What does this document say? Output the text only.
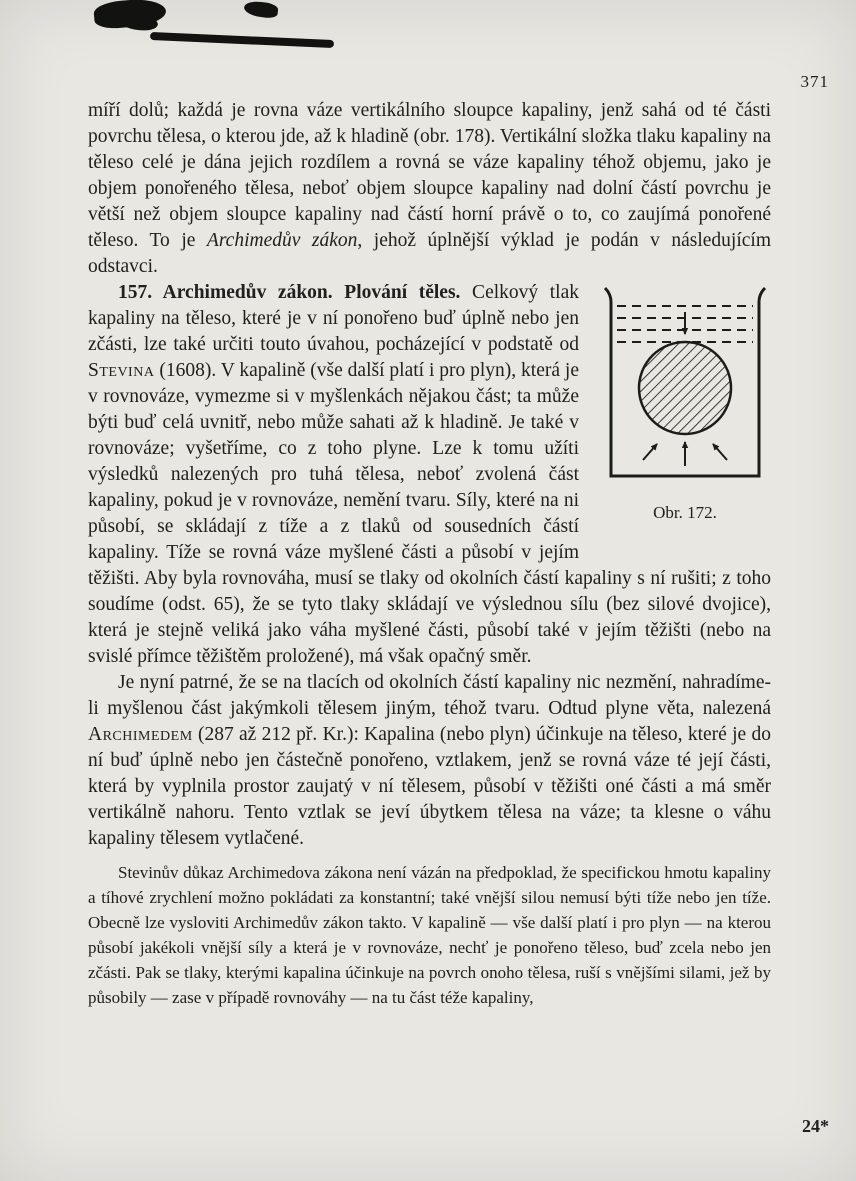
371

míří dolů; každá je rovna váze vertikálního sloupce kapaliny, jenž sahá od té části povrchu tělesa, o kterou jde, až k hladině (obr. 178). Vertikální složka tlaku kapaliny na těleso celé je dána jejich rozdílem a rovná se váze kapaliny téhož objemu, jako je objem ponořeného tělesa, neboť objem sloupce kapaliny nad dolní částí povrchu je větší než objem sloupce kapaliny nad částí horní právě o to, co zaujímá ponořené těleso. To je Archimedův zákon, jehož úplnější výklad je podán v následujícím odstavci.

Obr. 172.
157. Archimedův zákon. Plování těles. Celkový tlak kapaliny na těleso, které je v ní ponořeno buď úplně nebo jen zčásti, lze také určiti touto úvahou, pocházející v podstatě od Stevina (1608). V kapalině (vše další platí i pro plyn), která je v rovnováze, vymezme si v myšlenkách nějakou část; ta může býti buď celá uvnitř, nebo může sahati až k hladině. Je také v rovnováze; vyšetříme, co z toho plyne. Lze k tomu užíti výsledků nalezených pro tuhá tělesa, neboť zvolená část kapaliny, pokud je v rovnováze, nemění tvaru. Síly, které na ni působí, se skládají z tíže a z tlaků od sousedních částí kapaliny. Tíže se rovná váze myšlené části a působí v jejím těžišti. Aby byla rovnováha, musí se tlaky od okolních částí kapaliny s ní rušiti; z toho soudíme (odst. 65), že se tyto tlaky skládají ve výslednou sílu (bez silové dvojice), která je stejně veliká jako váha myšlené části, působí také v jejím těžišti (nebo na svislé přímce těžištěm proložené), má však opačný směr.

Je nyní patrné, že se na tlacích od okolních částí kapaliny nic nezmění, nahradíme-li myšlenou část jakýmkoli tělesem jiným, téhož tvaru. Odtud plyne věta, nalezená Archimedem (287 až 212 př. Kr.): Kapalina (nebo plyn) účinkuje na těleso, které je do ní buď úplně nebo jen částečně ponořeno, vztlakem, jenž se rovná váze té její části, která by vyplnila prostor zaujatý v ní tělesem, působí v těžišti oné části a má směr vertikálně nahoru. Tento vztlak se jeví úbytkem tělesa na váze; ta klesne o váhu kapaliny tělesem vytlačené.

Stevinův důkaz Archimedova zákona není vázán na předpoklad, že specifickou hmotu kapaliny a tíhové zrychlení možno pokládati za konstantní; také vnější silou nemusí býti tíže nebo jen tíže. Obecně lze vysloviti Archimedův zákon takto. V kapalině — vše další platí i pro plyn — na kterou působí jakékoli vnější síly a která je v rovnováze, nechť je ponořeno těleso, buď zcela nebo jen zčásti. Pak se tlaky, kterými kapalina účinkuje na povrch onoho tělesa, ruší s vnějšími silami, jež by působily — zase v případě rovnováhy — na tu část téže kapaliny,

24*
